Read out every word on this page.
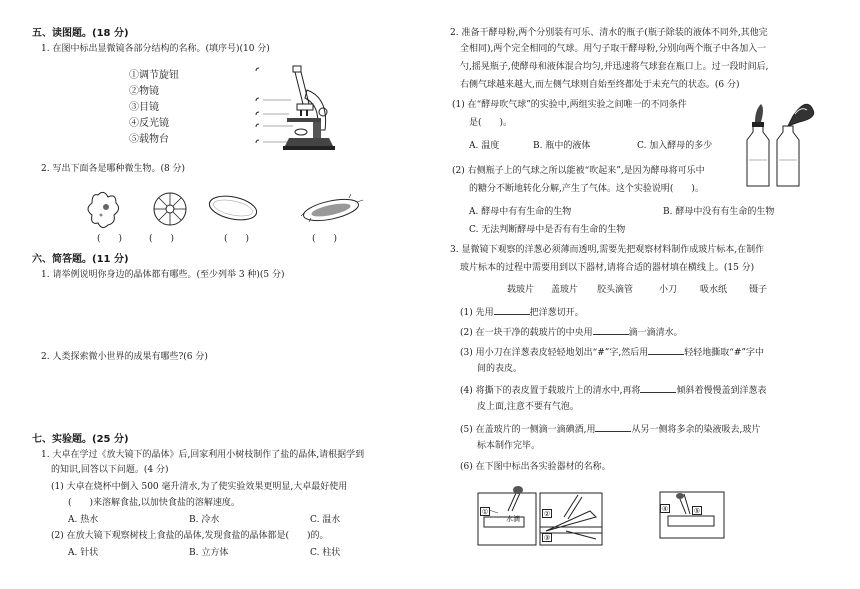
五、读图题。(18 分)
1. 在图中标出显微镜各部分结构的名称。(填序号)(10 分)
①调节旋钮
②物镜
③目镜
④反光镜
⑤载物台
2. 写出下面各是哪种微生物。(8 分)
(　　)	(　　)	(　　)	(　　)
六、简答题。(11 分)
1. 请举例说明你身边的晶体都有哪些。(至少列举 3 种)(5 分)
2. 人类探索微小世界的成果有哪些?(6 分)
七、实验题。(25 分)
1. 大卓在学过《放大镜下的晶体》后,回家利用小树枝制作了盐的晶体,请根据学到
的知识,回答以下问题。(4 分)
(1) 大卓在烧杯中倒入 500 毫升清水,为了使实验效果更明显,大卓最好使用
(　　)来溶解食盐,以加快食盐的溶解速度。
A. 热水	B. 冷水	C. 温水
(2) 在放大镜下观察树枝上食盐的晶体,发现食盐的晶体都是(　　)的。
A. 针状	B. 立方体	C. 柱状
2. 准备干酵母粉,两个分别装有可乐、清水的瓶子(瓶子除装的液体不同外,其他完
全相同),两个完全相同的气球。用勺子取干酵母粉,分别向两个瓶子中各加入一
勺,摇晃瓶子,使酵母和液体混合均匀,并迅速将气球套在瓶口上。过一段时间后,
右侧气球越来越大,而左侧气球则自始至终都处于未充气的状态。(6 分)
(1) 在“酵母吹气球”的实验中,两组实验之间唯一的不同条件
是(　　)。
A. 温度	B. 瓶中的液体	C. 加入酵母的多少
(2) 右侧瓶子上的气球之所以能被“吹起来”,是因为酵母将可乐中
的糖分不断地转化分解,产生了气体。这个实验说明(　　)。
A. 酵母中有有生命的生物	B. 酵母中没有有生命的生物
C. 无法判断酵母中是否有有生命的生物
3. 显微镜下观察的洋葱必须薄而透明,需要先把观察材料制作成玻片标本,在制作
玻片标本的过程中需要用到以下器材,请将合适的器材填在横线上。(15 分)
载玻片 盖玻片 胶头滴管	小刀	吸水纸 镊子
(1) 先用	把洋葱切开。
(2) 在一块干净的载玻片的中央用	滴一滴清水。
(3) 用小刀在洋葱表皮轻轻地划出“#”字,然后用	轻轻地撕取“#”字中
间的表皮。
(4) 将撕下的表皮置于载玻片上的清水中,再将	倾斜着慢慢盖到洋葱表
皮上面,注意不要有气泡。
(5) 在盖玻片的一侧滴一滴碘酒,用	从另一侧将多余的染液吸去,玻片
标本制作完毕。
(6) 在下图中标出各实验器材的名称。
水滴
①	②
③
④	⑤
